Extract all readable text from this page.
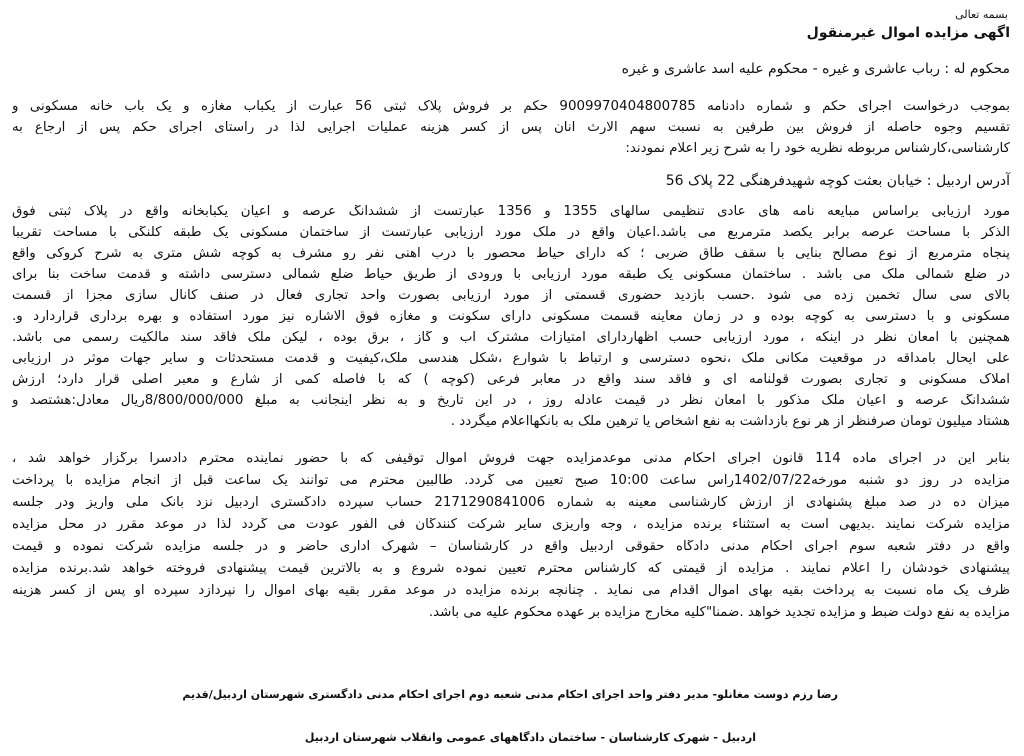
بسمه تعالی
اگهی مزایده اموال غیرمنقول
محکوم له : رباب عاشری و غیره - محکوم علیه اسد عاشری و غیره
بموجب درخواست اجرای حکم و شماره دادنامه 9009970404800785 حکم بر فروش پلاک ثبتی 56 عبارت از یکباب مغازه و یک باب خانه مسکونی و
تقسیم وجوه حاصله از فروش بین طرفین به نسبت سهم الارث آنان پس از کسر هزینه عملیات اجرایی لذا در راستای اجرای حکم پس از ارجاع به
کارشناسی،کارشناس مربوطه نظریه خود را به شرح زیر اعلام نمودند:
آدرس اردبیل : خیابان بعثت کوچه شهیدفرهنگی 22 پلاک 56
مورد ارزیابی براساس مبایعه نامه های عادی تنظیمی سالهای 1355 و 1356 عبارتست از ششدانگ عرصه و اعیان یکبابخانه واقع در پلاک ثبتی فوق
الذکر با مساحت عرصه برابر یکصد مترمربع می باشد.اعیان واقع در ملک مورد ارزیابی عبارتست از ساختمان مسکونی یک طبقه کلنگی با مساحت تقریباً
پنجاه مترمربع از نوع مصالح بنایی با سقف طاق ضربی ؛ که دارای حیاط محصور با درب آهنی نفر رو مشرف به کوچه شش متری به شرح کروکی واقع
در ضلع شمالی ملک می باشد . ساختمان مسکونی یک طبقه مورد ارزیابی با ورودی از طریق حیاط ضلع شمالی دسترسی داشته و قدمت ساخت بنا برای
بالای سی سال تخمین زده می شود .حسب بازدید حضوری قسمتی از مورد ارزیابی بصورت واحد تجاری فعال در صنف کانال سازی مجزا از قسمت
مسکونی و با دسترسی به کوچه بوده و در زمان معاینه قسمت مسکونی دارای سکونت و مغازه فوق الاشاره نیز مورد استفاده و بهره برداری قراردارد و.
همچنین با امعان نظر در اینکه ، مورد ارزیابی حسب اظهاردارای امتیازات مشترک آب و گاز ، برق بوده ، لیکن ملک فاقد سند مالکیت رسمی می باشد.
علی ایحال بامداقه در موقعیت مکانی ملک ،نحوه دسترسی و ارتباط با شوارع ،شکل هندسی ملک،کیفیت و قدمت مستحدثات و سایر جهات موثر در ارزیابی
املاک مسکونی و تجاری بصورت قولنامه ای و فاقد سند واقع در معابر فرعی (کوچه ) که با فاصله کمی از شارع و معبر اصلی قرار دارد؛ ارزش
ششدانگ عرصه و اعیان ملک مذکور با امعان نظر در قیمت عادله روز ، در این تاریخ و به نظر اینجانب به مبلغ 8/800/000/000ریال معادل:هشتصد و
هشتاد میلیون تومان صرفنظر از هر نوع بازداشت به نفع اشخاص یا ترهین ملک به بانکهااعلام میگردد .
بنابر این در اجرای ماده 114 قانون اجرای احکام مدنی موعدمزایده جهت فروش اموال توقیفی که با حضور نماینده محترم دادسرا برگزار خواهد شد ،
مزایده در روز دو شنبه مورخه1402/07/22راس ساعت 10:00 صبح تعیین می گردد. طالبین محترم می توانند یک ساعت قبل از انجام مزایده با پرداخت
میزان ده در صد مبلغ پشنهادی از ارزش کارشناسی معینه به شماره 2171290841006 حساب سپرده دادگستری اردبیل نزد بانک ملی واریز ودر جلسه
مزایده شرکت نمایند .بدیهی است به استثناء برنده مزایده ، وجه واریزی سایر شرکت کنندگان فی الفور عودت می گردد لذا در موعد مقرر در محل مزایده
واقع در دفتر شعبه سوم اجرای احکام مدنی دادگاه حقوقی اردبیل واقع در کارشناسان – شهرک اداری حاضر و در جلسه مزایده شرکت نموده و قیمت
پیشنهادی خودشان را اعلام نمایند . مزایده از قیمتی که کارشناس محترم تعیین نموده شروع و به بالاترین قیمت پیشنهادی فروخته خواهد شد.برنده مزایده
ظرف یک ماه نسبت به پرداخت بقیه بهای اموال اقدام می نماید . چنانچه برنده مزایده در موعد مقرر بقیه بهای اموال را نپردازد سپرده او پس از کسر هزینه
مزایده به نفع دولت ضبط و مزایده تجدید خواهد .ضمنا"کلیه مخارج مزایده بر عهده محکوم علیه می باشد.
رضا رزم دوست مغانلو- مدیر دفتر واحد اجرای احکام مدنی شعبه دوم اجرای احکام مدنی دادگستری شهرستان اردبیل/قدیم
اردبیل - شهرک کارشناسان - ساختمان دادگاههای عمومی وانقلاب شهرستان اردبیل
